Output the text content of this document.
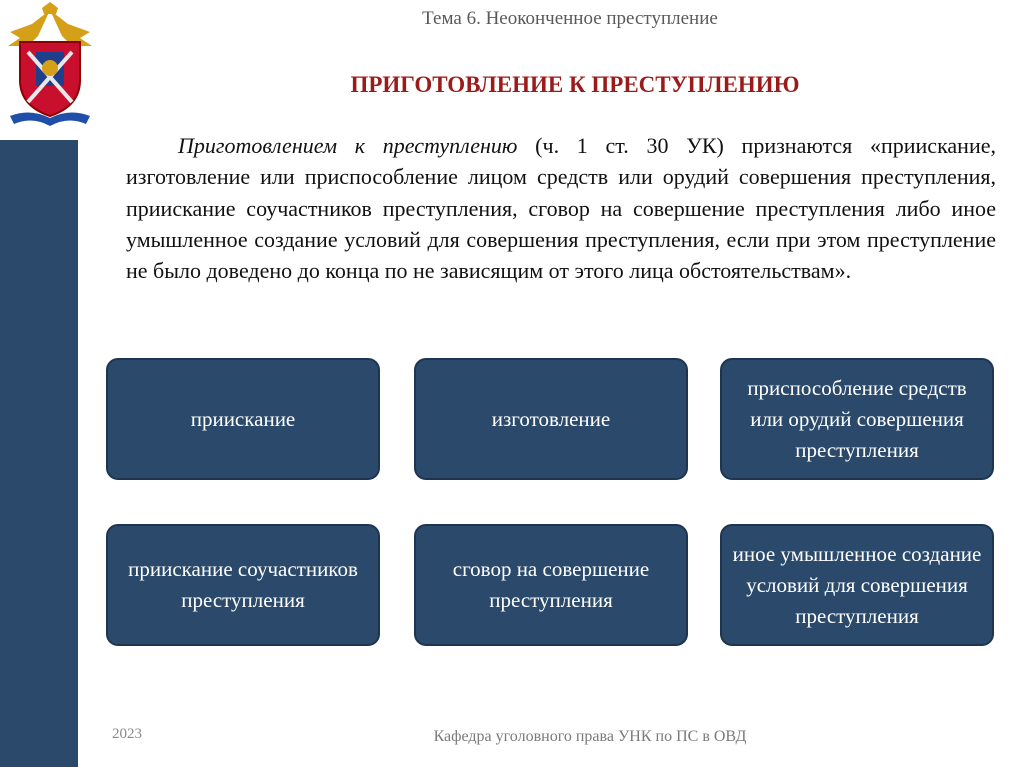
Тема 6. Неоконченное преступление
ПРИГОТОВЛЕНИЕ К ПРЕСТУПЛЕНИЮ
Приготовлением к преступлению (ч. 1 ст. 30 УК) признаются «приискание, изготовление или приспособление лицом средств или орудий совершения преступления, приискание соучастников преступления, сговор на совершение преступления либо иное умышленное создание условий для совершения преступления, если при этом преступление не было доведено до конца по не зависящим от этого лица обстоятельствам».
приискание	изготовление
приспособление средств или орудий совершения преступления
приискание соучастников преступления
сговор на совершение преступления
иное умышленное создание условий для совершения преступления
2023	Кафедра уголовного права УНК по ПС в ОВД
